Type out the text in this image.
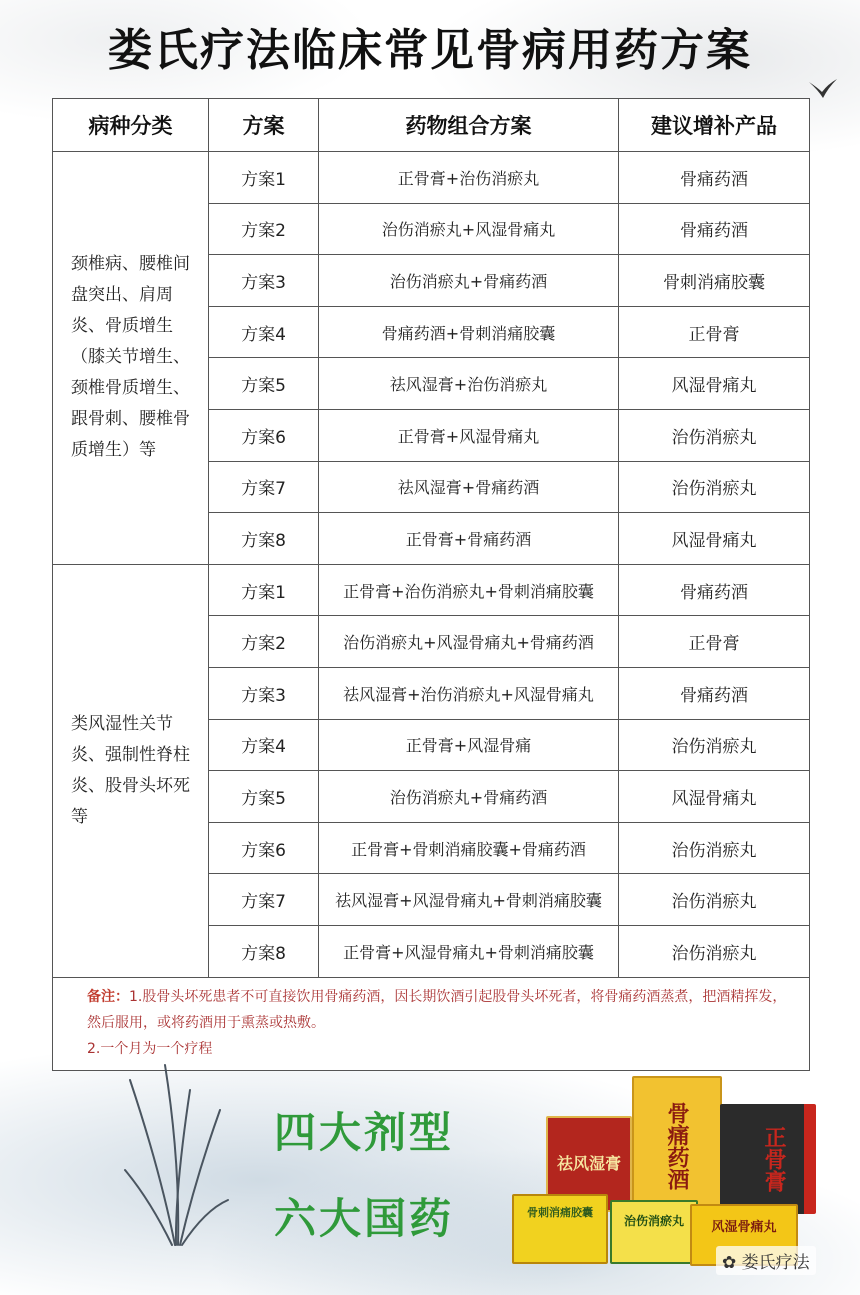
娄氏疗法临床常见骨病用药方案
病种分类	方案	药物组合方案	建议增补产品
颈椎病、腰椎间盘突出、肩周炎、骨质增生（膝关节增生、颈椎骨质增生、跟骨刺、腰椎骨质增生）等	方案1	正骨膏+治伤消瘀丸	骨痛药酒
	方案2	治伤消瘀丸+风湿骨痛丸	骨痛药酒
	方案3	治伤消瘀丸+骨痛药酒	骨刺消痛胶囊
	方案4	骨痛药酒+骨刺消痛胶囊	正骨膏
	方案5	祛风湿膏+治伤消瘀丸	风湿骨痛丸
	方案6	正骨膏+风湿骨痛丸	治伤消瘀丸
	方案7	祛风湿膏+骨痛药酒	治伤消瘀丸
	方案8	正骨膏+骨痛药酒	风湿骨痛丸
类风湿性关节炎、强制性脊柱炎、股骨头坏死等	方案1	正骨膏+治伤消瘀丸+骨刺消痛胶囊	骨痛药酒
	方案2	治伤消瘀丸+风湿骨痛丸+骨痛药酒	正骨膏
	方案3	祛风湿膏+治伤消瘀丸+风湿骨痛丸	骨痛药酒
	方案4	正骨膏+风湿骨痛	治伤消瘀丸
	方案5	治伤消瘀丸+骨痛药酒	风湿骨痛丸
	方案6	正骨膏+骨刺消痛胶囊+骨痛药酒	治伤消瘀丸
	方案7	祛风湿膏+风湿骨痛丸+骨刺消痛胶囊	治伤消瘀丸
	方案8	正骨膏+风湿骨痛丸+骨刺消痛胶囊	治伤消瘀丸
备注：1.股骨头坏死患者不可直接饮用骨痛药酒，因长期饮酒引起股骨头坏死者，将骨痛药酒蒸煮，把酒精挥发，然后服用，或将药酒用于熏蒸或热敷。
2.一个月为一个疗程			
四大剂型
六大国药
祛风湿膏	骨痛药酒	正骨膏
骨刺消痛胶囊
治伤消瘀丸	风湿骨痛丸
✿ 娄氏疗法
